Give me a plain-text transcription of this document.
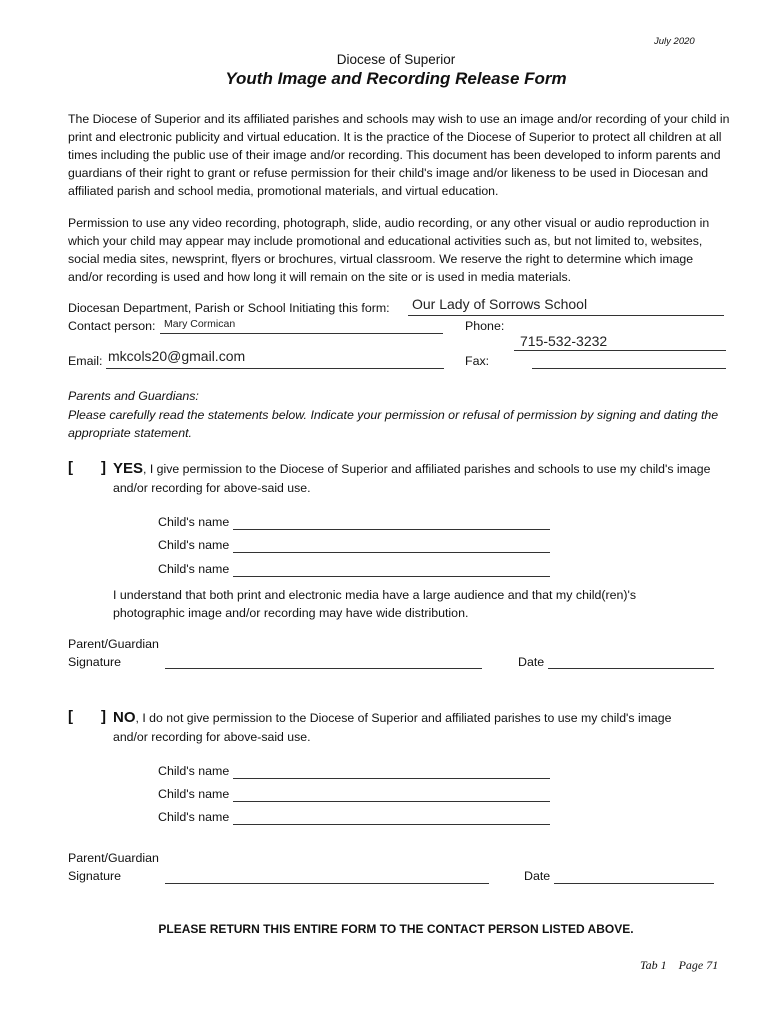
July 2020
Diocese of Superior
Youth Image and Recording Release Form
The Diocese of Superior and its affiliated parishes and schools may wish to use an image and/or recording of your child in print and electronic publicity and virtual education. It is the practice of the Diocese of Superior to protect all children at all times including the public use of their image and/or recording. This document has been developed to inform parents and guardians of their right to grant or refuse permission for their child's image and/or likeness to be used in Diocesan and affiliated parish and school media, promotional materials, and virtual education.
Permission to use any video recording, photograph, slide, audio recording, or any other visual or audio reproduction in which your child may appear may include promotional and educational activities such as, but not limited to, websites, social media sites, newsprint, flyers or brochures, virtual classroom. We reserve the right to determine which image and/or recording is used and how long it will remain on the site or is used in media materials.
Diocesan Department, Parish or School Initiating this form: Our Lady of Sorrows School
Contact person: Mary Cormican	Phone:
715-532-3232
Email: mkcols20@gmail.com	Fax:
Parents and Guardians:
Please carefully read the statements below. Indicate your permission or refusal of permission by signing and dating the appropriate statement.
[ ] YES, I give permission to the Diocese of Superior and affiliated parishes and schools to use my child's image
and/or recording for above-said use.
Child's name
Child's name
Child's name
I understand that both print and electronic media have a large audience and that my child(ren)'s photographic image and/or recording may have wide distribution.
Parent/Guardian
Signature	Date
[ ] NO, I do not give permission to the Diocese of Superior and affiliated parishes to use my child's image
and/or recording for above-said use.
Child's name
Child's name
Child's name
Parent/Guardian
Signature	Date
PLEASE RETURN THIS ENTIRE FORM TO THE CONTACT PERSON LISTED ABOVE.
Tab 1    Page 71
